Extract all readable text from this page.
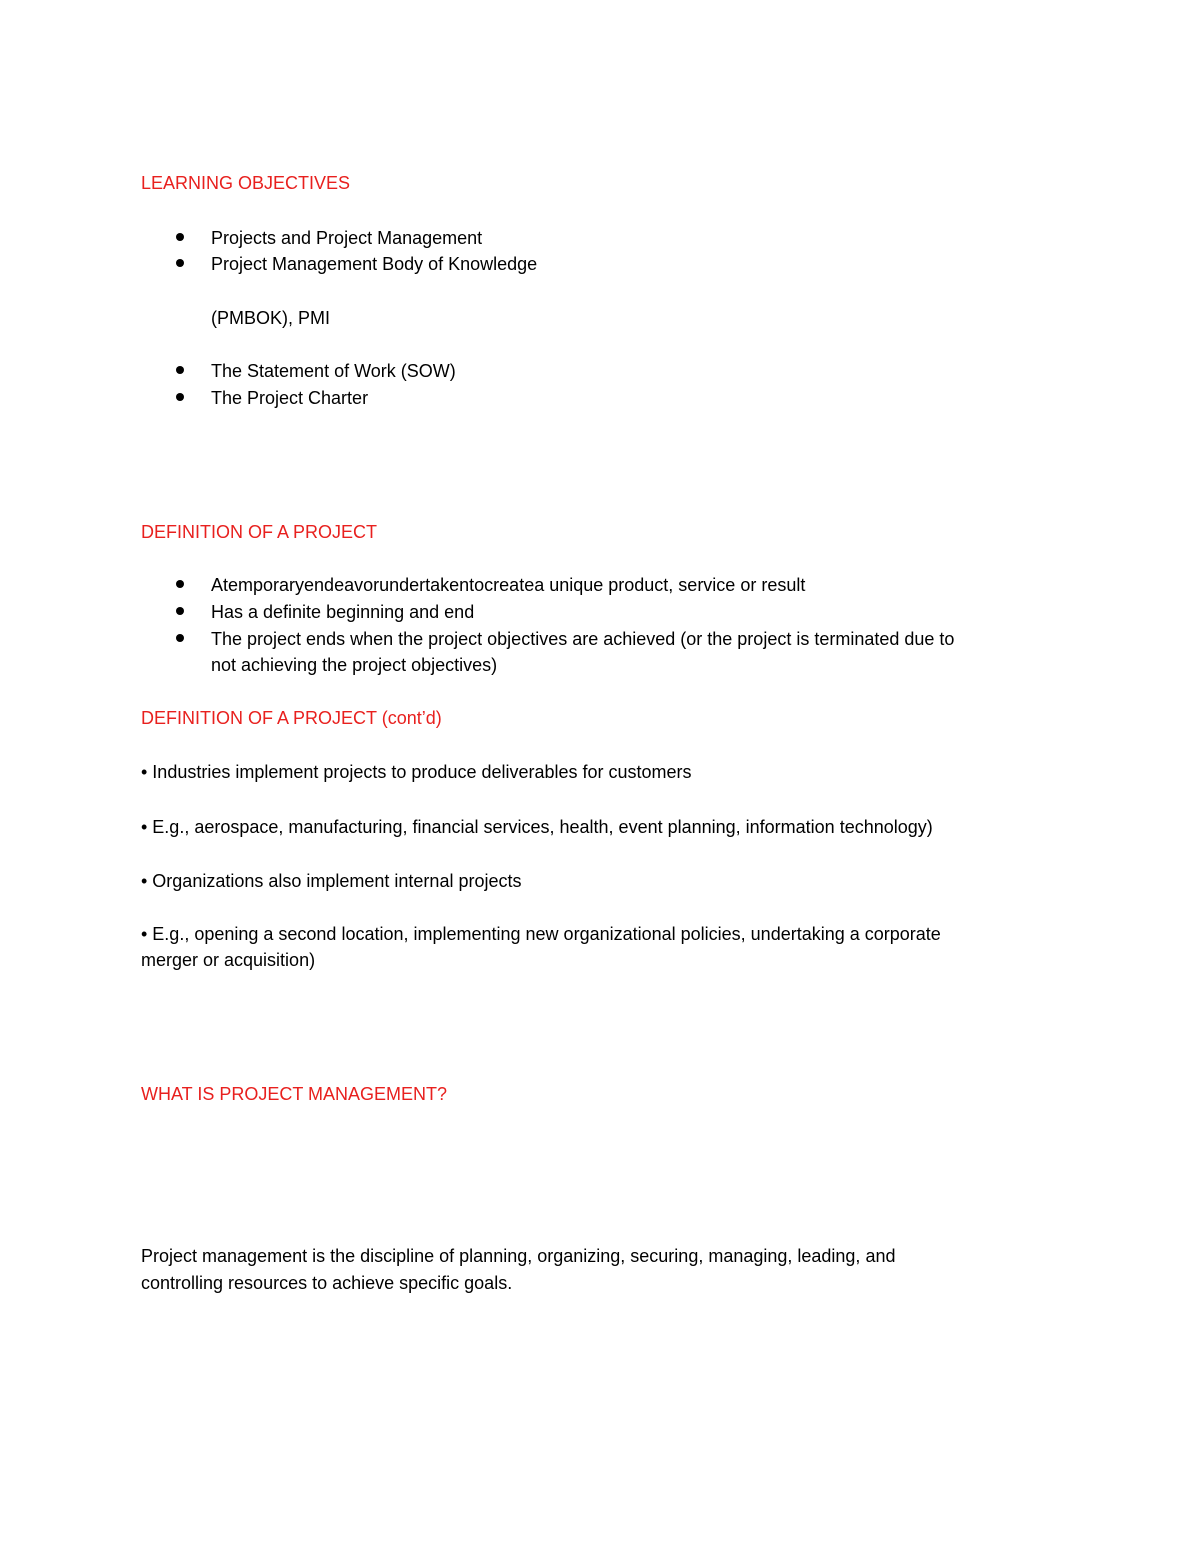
LEARNING OBJECTIVES

Projects and Project Management

Project Management Body of Knowledge

(PMBOK), PMI

The Statement of Work (SOW)

The Project Charter

DEFINITION OF A PROJECT

Atemporaryendeavorundertakentocreatea unique product, service or result

Has a definite beginning and end

The project ends when the project objectives are achieved (or the project is terminated due to

not achieving the project objectives)

DEFINITION OF A PROJECT (cont’d)

• Industries implement projects to produce deliverables for customers

• E.g., aerospace, manufacturing, financial services, health, event planning, information technology)

• Organizations also implement internal projects

• E.g., opening a second location, implementing new organizational policies, undertaking a corporate

merger or acquisition)

WHAT IS PROJECT MANAGEMENT?

Project management is the discipline of planning, organizing, securing, managing, leading, and

controlling resources to achieve specific goals.
